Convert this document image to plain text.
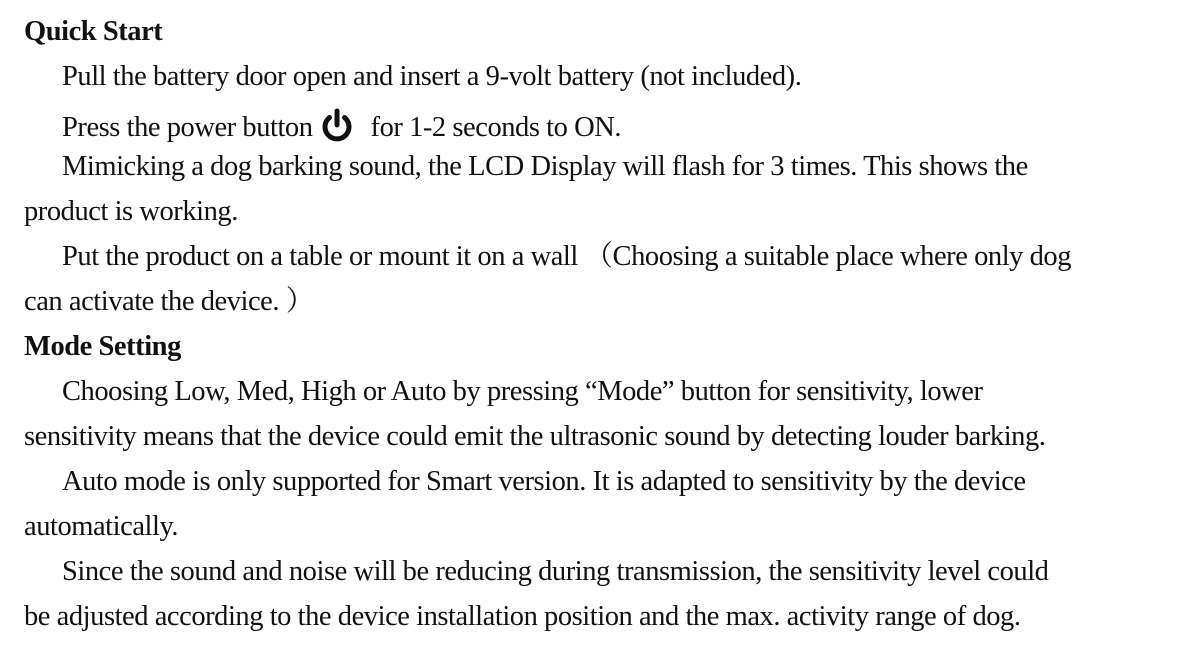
Quick Start
Pull the battery door open and insert a 9-volt battery (not included).
Press the power button for 1-2 seconds to ON.
Mimicking a dog barking sound, the LCD Display will flash for 3 times. This shows the
product is working.
Put the product on a table or mount it on a wall （Choosing a suitable place where only dog
can activate the device. ）
Mode Setting
Choosing Low, Med, High or Auto by pressing “Mode” button for sensitivity, lower
sensitivity means that the device could emit the ultrasonic sound by detecting louder barking.
Auto mode is only supported for Smart version. It is adapted to sensitivity by the device
automatically.
Since the sound and noise will be reducing during transmission, the sensitivity level could
be adjusted according to the device installation position and the max. activity range of dog.
